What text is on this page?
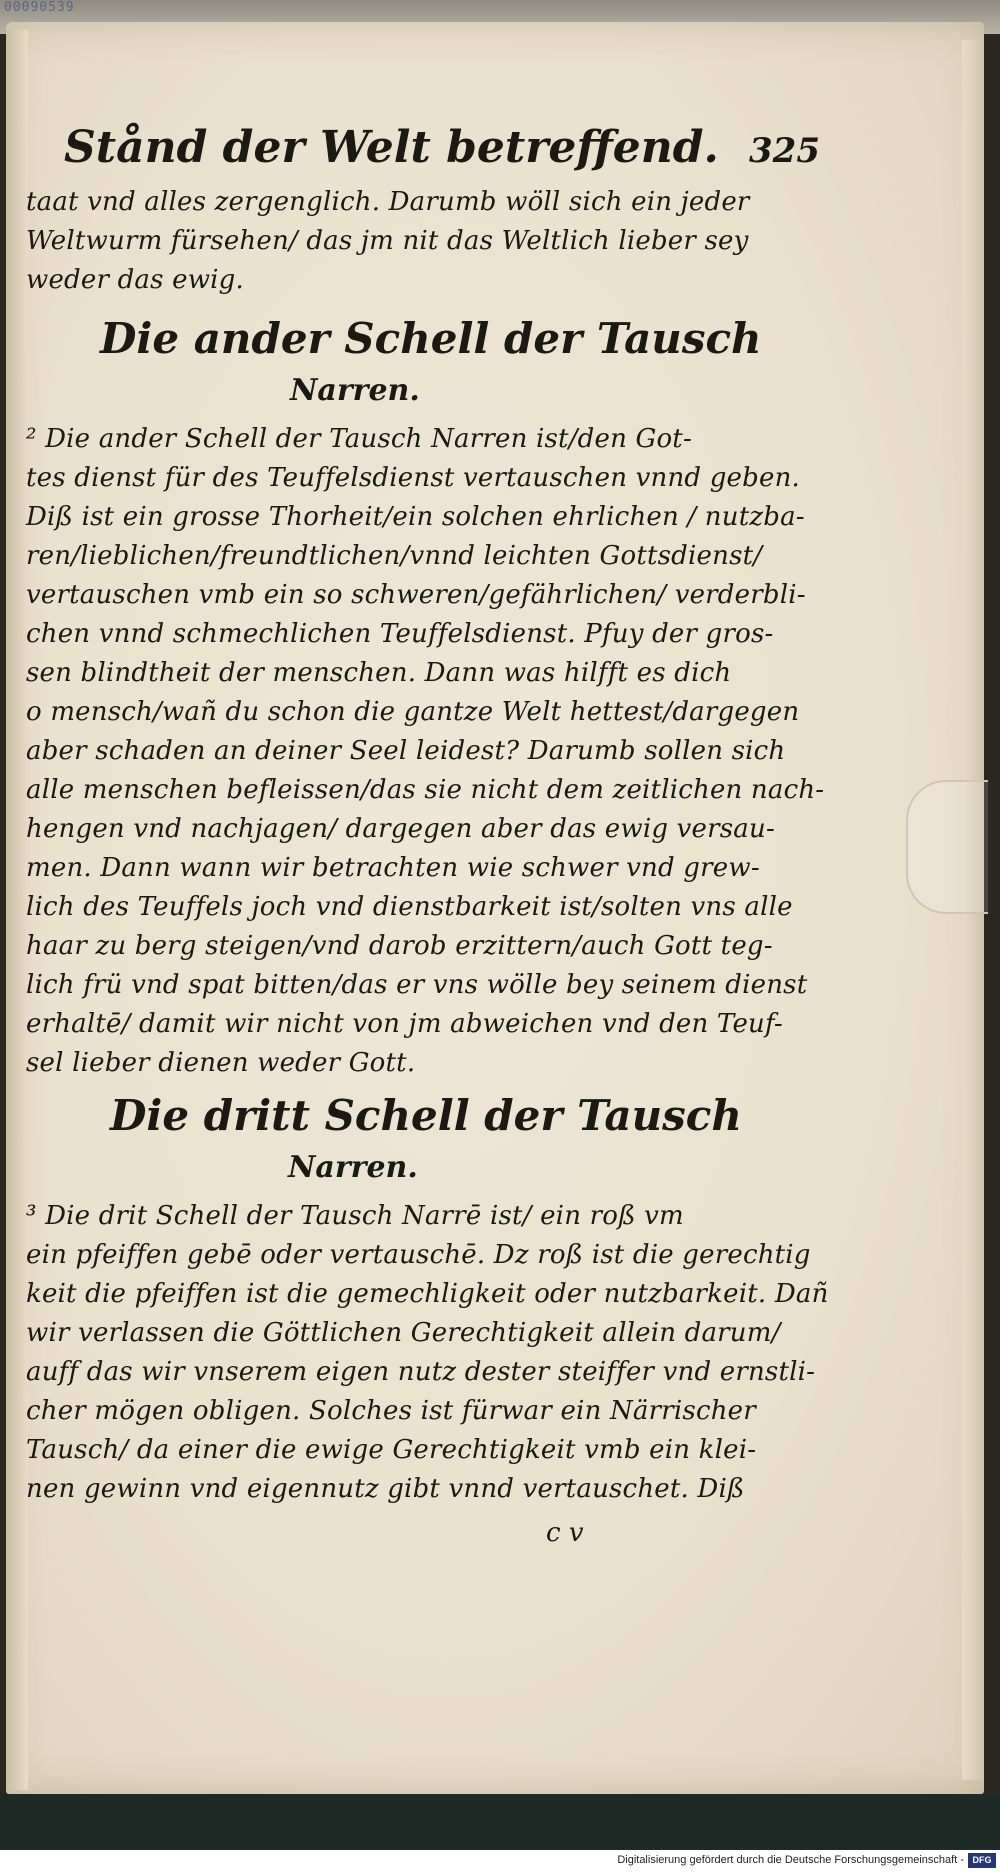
00090539
Stånd der Welt betreffend. 325
taat vnd alles zergenglich. Darumb wöll sich ein jeder
Weltwurm fürsehen/ das jm nit das Weltlich lieber sey
weder das ewig.
Die ander Schell der Tausch
Narren.
² Die ander Schell der Tausch Narren ist/den Got-
tes dienst für des Teuffelsdienst vertauschen vnnd geben.
Diß ist ein grosse Thorheit/ein solchen ehrlichen / nutzba-
ren/lieblichen/freundtlichen/vnnd leichten Gottsdienst/
vertauschen vmb ein so schweren/gefährlichen/ verderbli-
chen vnnd schmechlichen Teuffelsdienst. Pfuy der gros-
sen blindtheit der menschen. Dann was hilfft es dich
o mensch/wañ du schon die gantze Welt hettest/dargegen
aber schaden an deiner Seel leidest? Darumb sollen sich
alle menschen befleissen/das sie nicht dem zeitlichen nach-
hengen vnd nachjagen/ dargegen aber das ewig versau-
men. Dann wann wir betrachten wie schwer vnd grew-
lich des Teuffels joch vnd dienstbarkeit ist/solten vns alle
haar zu berg steigen/vnd darob erzittern/auch Gott teg-
lich frü vnd spat bitten/das er vns wölle bey seinem dienst
erhaltē/ damit wir nicht von jm abweichen vnd den Teuf-
sel lieber dienen weder Gott.
Die dritt Schell der Tausch
Narren.
³ Die drit Schell der Tausch Narrē ist/ ein roß vm
ein pfeiffen gebē oder vertauschē. Dz roß ist die gerechtig
keit die pfeiffen ist die gemechligkeit oder nutzbarkeit. Dañ
wir verlassen die Göttlichen Gerechtigkeit allein darum/
auff das wir vnserem eigen nutz dester steiffer vnd ernstli-
cher mögen obligen. Solches ist fürwar ein Närrischer
Tausch/ da einer die ewige Gerechtigkeit vmb ein klei-
nen gewinn vnd eigennutz gibt vnnd vertauschet. Diß
c v
Digitalisierung gefördert durch die Deutsche Forschungsgemeinschaft - DFG
